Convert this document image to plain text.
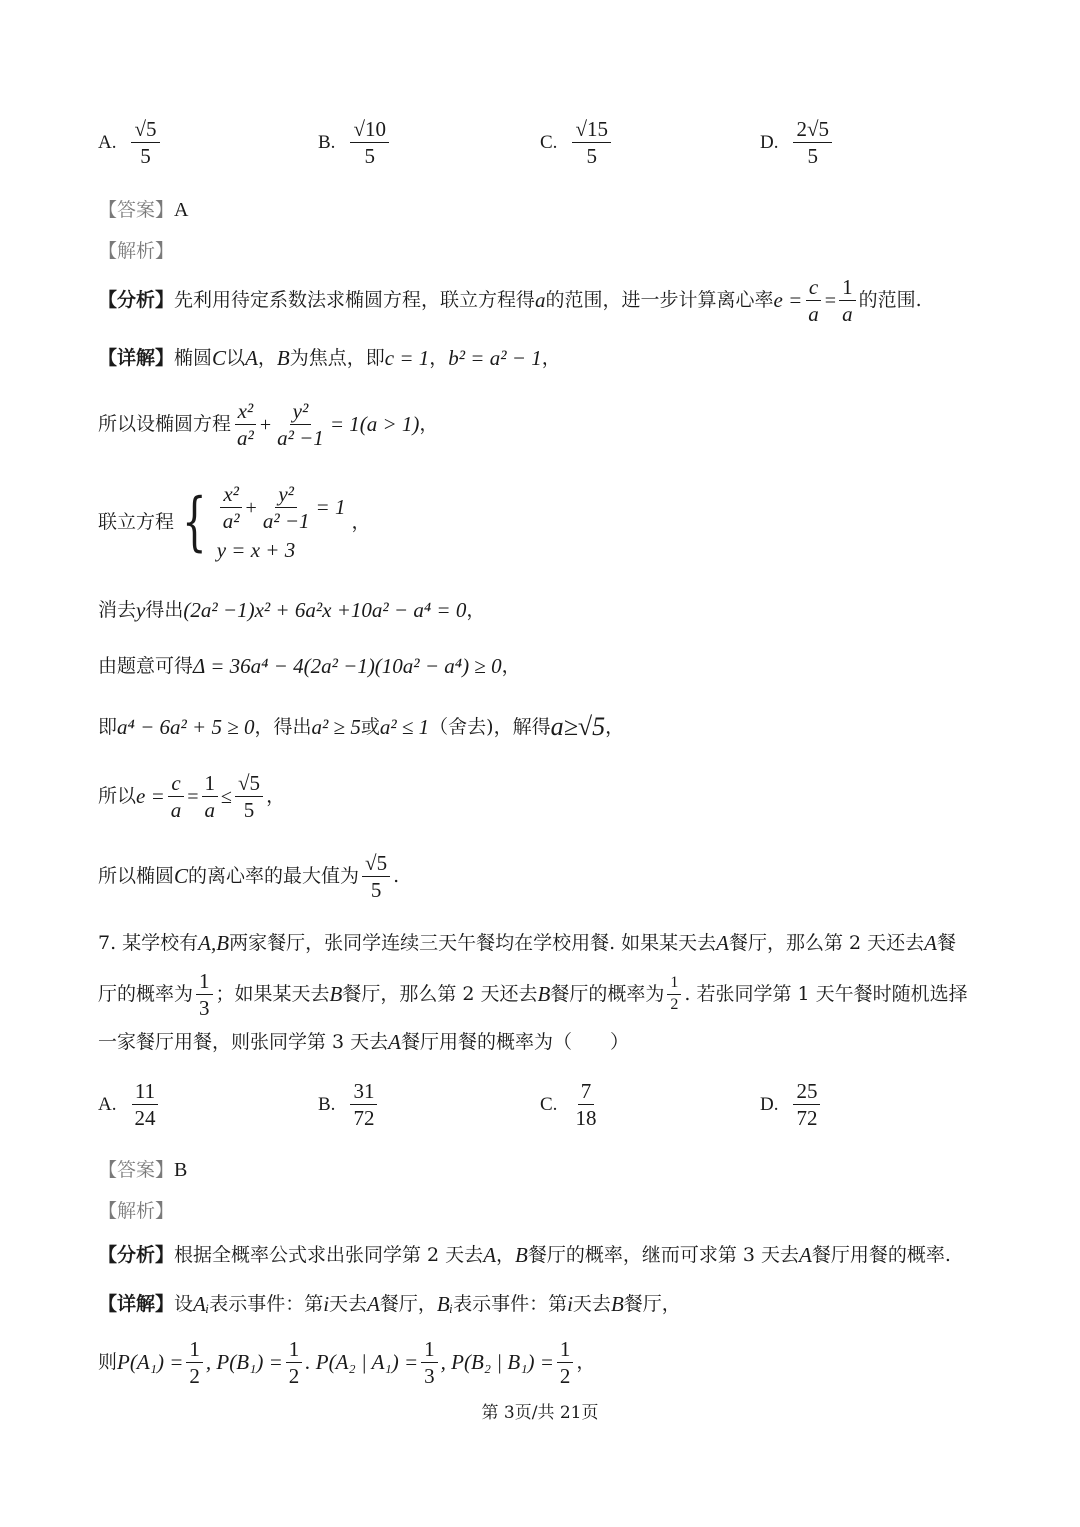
A. $\frac{√5}{5}$	B. $\frac{√10}{5}$	C. $\frac{√15}{5}$	D. $\frac{2√5}{5}$
【答案】 A
【解析】
【分析】 先利用待定系数法求椭圆方程，联立方程得 a 的范围，进一步计算离心率 $e = \frac{c}{a} = \frac{1}{a}$ 的范围.
【详解】 椭圆 C 以 A ， B 为焦点，即 c = 1 ， b² = a² − 1 ，
所以设椭圆方程 $\frac{\text{x²}}{\text{a²}} + \frac{\text{y²}}{\text{a² −1}} = 1(a > 1)$ ，
联立方程 { $\frac{\text{x²}}{\text{a²}} + \frac{\text{y²}}{\text{a² −1}} = 1$
y = x + 3
，
消去 y 得出 (2a² −1)x² + 6a²x +10a² − a⁴ = 0 ，
由题意可得 Δ = 36a⁴ − 4(2a² −1)(10a² − a⁴) ≥ 0 ，
即 a⁴ − 6a² + 5 ≥ 0 ，得出 a² ≥ 5 或 a² ≤ 1 （舍去)，解得 a≥√5 ，
所以 $e = \frac{c}{a} = \frac{1}{a} \le \frac{√5}{5}$ ，
所以椭圆 C 的离心率的最大值为 $\frac{√5}{5}$ .
7. 某学校有 A,B 两家餐厅，张同学连续三天午餐均在学校用餐. 如果某天去 A 餐厅，那么第 2 天还去 A 餐
厅的概率为 $\frac{1}{3}$ ；如果某天去 B 餐厅，那么第 2 天还去 B 餐厅的概率为 $\frac{1}{2}$ . 若张同学第 1 天午餐时随机选择
一家餐厅用餐，则张同学第 3 天去 A 餐厅用餐的概率为（　　）
A. $\frac{11}{24}$	B. $\frac{31}{72}$	C. $\frac{7}{18}$	D. $\frac{25}{72}$
【答案】 B
【解析】
【分析】 根据全概率公式求出张同学第 2 天去 A ， B 餐厅的概率，继而可求第 3 天去 A 餐厅用餐的概率.
【详解】 设 Aᵢ 表示事件：第 i 天去 A 餐厅， Bᵢ 表示事件：第 i 天去 B 餐厅，
则 $P(A_1) = \frac{1}{2}$ , $P(B_1) = \frac{1}{2}$ . P(A₂ | $A_1) = \frac{1}{3}$ , P(B₂ | $B_1) = \frac{1}{2}$ ，
第 3页/共 21页
